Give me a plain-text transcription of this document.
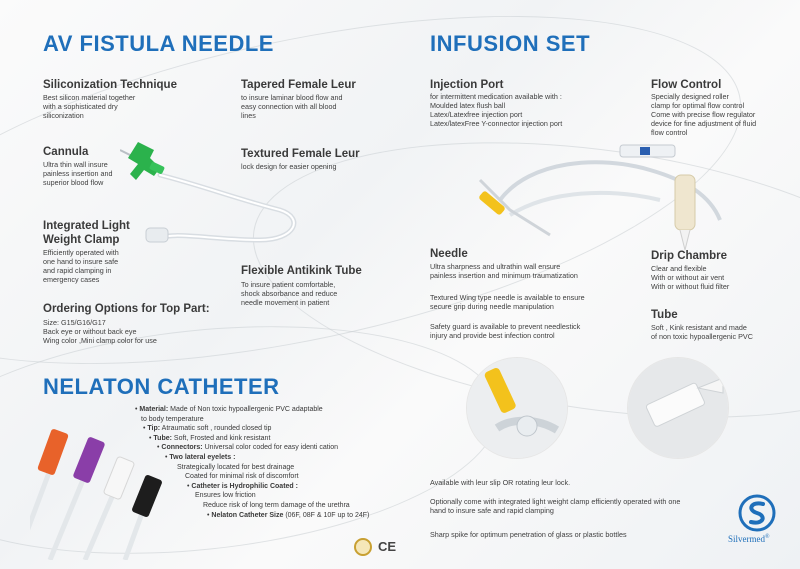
AV FISTULA NEEDLE
Siliconization Technique
Best silicon material together
with a sophisticated dry
siliconization
Tapered Female Leur
to insure laminar blood flow and
easy connection with all blood
lines
Cannula
Ultra thin wall insure
painless insertion and
superior blood flow
Textured Female Leur
lock design for easier opening
Integrated Light
Weight Clamp
Efficiently operated with
one hand to insure safe
and rapid clamping in
emergency cases
Flexible Antikink Tube
To insure patient comfortable,
shock absorbance and reduce
needle movement in patient
Ordering Options for Top Part:
Size: G15/G16/G17
Back eye or without back eye
Wing color ,Mini clamp color for use
INFUSION SET
Injection Port
for intermittent medication available with :
Moulded latex flush ball
Latex/Latexfree injection port
Latex/latexFree Y-connector injection port
Flow Control
Specially designed roller
clamp for optimal flow control
Come with precise flow regulator
device for fine adjustment of fluid
flow control
Needle
Ultra sharpness and ultrathin wall ensure
painless insertion and minimum traumatization
Textured Wing type needle is available to ensure
secure grip during needle manipulation
Safety guard is available to prevent needlestick
injury and provide best infection control
Drip Chambre
Clear and flexible
With or without air vent
With or without fluid filter
Tube
Soft , Kink resistant and made
of non toxic hypoallergenic PVC
Available with leur slip OR rotating leur lock.
Optionally come with integrated light weight clamp efficiently operated with one
hand to insure safe and rapid clamping
Sharp spike for optimum penetration of glass or plastic bottles
NELATON CATHETER
• Material: Made of Non toxic hypoallergenic PVC adaptable
to body temperature
• Tip: Atraumatic soft , rounded closed tip
• Tube: Soft, Frosted and kink resistant
• Connectors: Universal color coded for easy identi cation
• Two lateral eyelets :
Strategically located for best drainage
Coated for minimal risk of discomfort
• Catheter is Hydrophilic Coated :
Ensures low friction
Reduce risk of long term damage of the urethra
• Nelaton Catheter Size (06F, 08F & 10F up to 24F)
CE	Silvermed®
